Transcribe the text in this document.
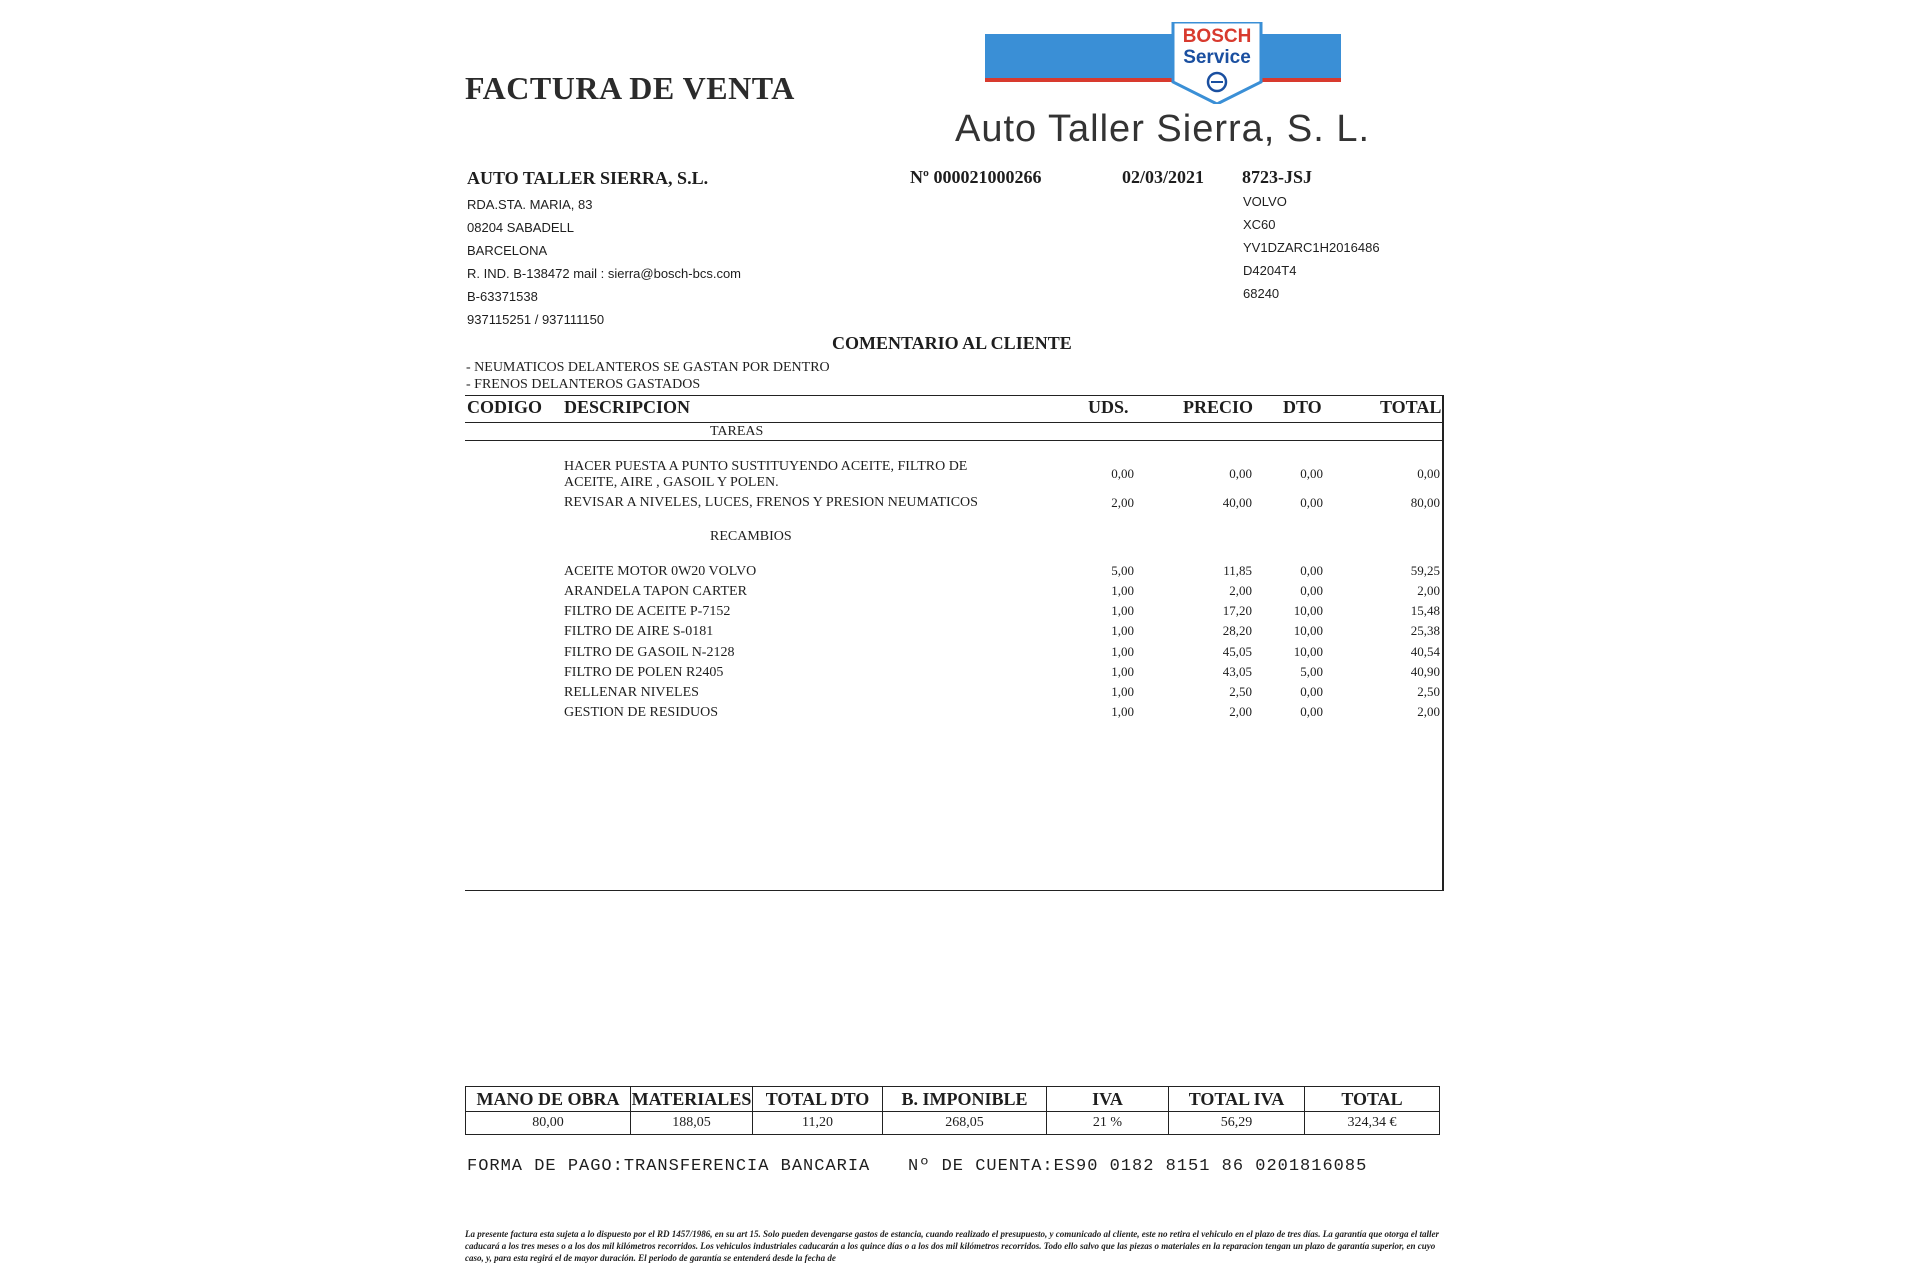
FACTURA DE VENTA
BOSCH
Service
Auto Taller Sierra, S. L.
AUTO TALLER SIERRA, S.L.
RDA.STA. MARIA, 83
08204 SABADELL
BARCELONA
R. IND. B-138472 mail : sierra@bosch-bcs.com
B-63371538
937115251 / 937111150
Nº 000021000266	02/03/2021 8723-JSJ
VOLVO
XC60
YV1DZARC1H2016486
D4204T4
68240
COMENTARIO AL CLIENTE
- NEUMATICOS DELANTEROS SE GASTAN POR DENTRO
- FRENOS DELANTEROS GASTADOS
CODIGO DESCRIPCION	UDS.	PRECIO DTO	TOTAL
TAREAS
HACER PUESTA A PUNTO SUSTITUYENDO ACEITE, FILTRO DE
ACEITE, AIRE , GASOIL Y POLEN.
0,00	0,00	0,00	0,00
REVISAR A NIVELES, LUCES, FRENOS Y PRESION NEUMATICOS	2,00	40,00	0,00	80,00
RECAMBIOS
ACEITE MOTOR 0W20 VOLVO	5,00	11,85	0,00	59,25
ARANDELA TAPON CARTER	1,00	2,00	0,00	2,00
FILTRO DE ACEITE P-7152	1,00	17,20	10,00	15,48
FILTRO DE AIRE S-0181	1,00	28,20	10,00	25,38
FILTRO DE GASOIL N-2128	1,00	45,05	10,00	40,54
FILTRO DE POLEN R2405	1,00	43,05	5,00	40,90
RELLENAR NIVELES	1,00	2,50	0,00	2,50
GESTION DE RESIDUOS	1,00	2,00	0,00	2,00
MANO DE OBRA	MATERIALES	TOTAL DTO	B. IMPONIBLE	IVA	TOTAL IVA	TOTAL
80,00	188,05	11,20	268,05	21 %	56,29	324,34 €
FORMA DE PAGO:TRANSFERENCIA BANCARIA Nº DE CUENTA:ES90 0182 8151 86 0201816085
La presente factura esta sujeta a lo dispuesto por el RD 1457/1986, en su art 15. Solo pueden devengarse gastos de estancia, cuando realizado el presupuesto, y comunicado al cliente, este no retira el vehiculo en el plazo de tres días. La garantía que otorga el taller caducará a los tres meses o a los dos mil kilómetros recorridos. Los vehiculos industriales caducarán a los quince días o a los dos mil kilómetros recorridos. Todo ello salvo que las piezas o materiales en la reparacion tengan un plazo de garantía superior, en cuyo caso, y, para esta regirá el de mayor duración. El periodo de garantía se entenderá desde la fecha de
